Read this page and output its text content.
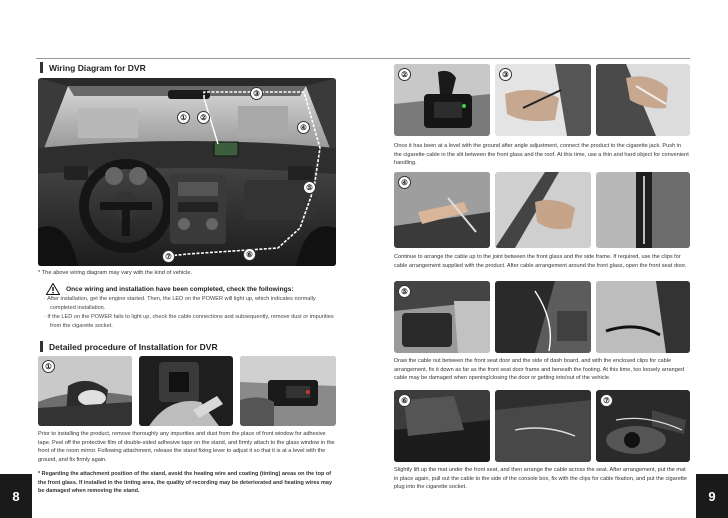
Wiring Diagram for DVR
①	②
③
④
⑤
⑥
⑦
* The above wiring diagram may vary with the kind of vehicle.
Once wiring and installation have been completed, check the followings:
· After installation, get the engine started. Then, the LED on the POWER will light up, which indicates normally completed installation.
· If the LED on the POWER fails to light up, check the cable connections and subsequently, remove dust or impurities from the cigarette socket.
Detailed procedure of Installation for DVR
①
Prior to installing the product, remove thoroughly any impurities and dust from the place of front window for adhesive tape. Peel off the protective film of double-sided adhesive tape on the stand, and firmly attach to the glass window in the front of the room mirror. Following attachment, release the stand fixing lever to adjust it so that it is at a level with the ground, and fix firmly again.
* Regarding the attachment position of the stand, avoid the heating wire and coating (tinting) areas on the top of the front glass. If installed in the tinting area, the quality of recording may be deteriorated and heating wires may be damaged when removing the stand.
8
②	③
Once it has been at a level with the ground after angle adjustment, connect the product to the cigarette jack. Push in the cigarette cable in the slit between the front glass and the roof. At this time, use a thin and hard object for convenient handling.
④
Continue to arrange the cable up to the joint between the front glass and the side frame. If required, use the clips for cable arrangement supplied with the product. After cable arrangement around the front glass, open the front seat door.
⑤
Draw the cable out between the front seat door and the side of dash board, and with the enclosed clips for cable arrangement, fix it down as far as the front seat door frame and beneath the footing. At this time, too loosely arranged cable may be damaged when opening/closing the door or getting into/out of the vehicle.
⑥	⑦
Slightly lift up the mat under the front seat, and then arrange the cable across the seat. After arrangement, put the mat in place again, pull out the cable to the side of the console box, fix with the clips for cable fixation, and put the cigarette plug into the cigarette socket.
9
